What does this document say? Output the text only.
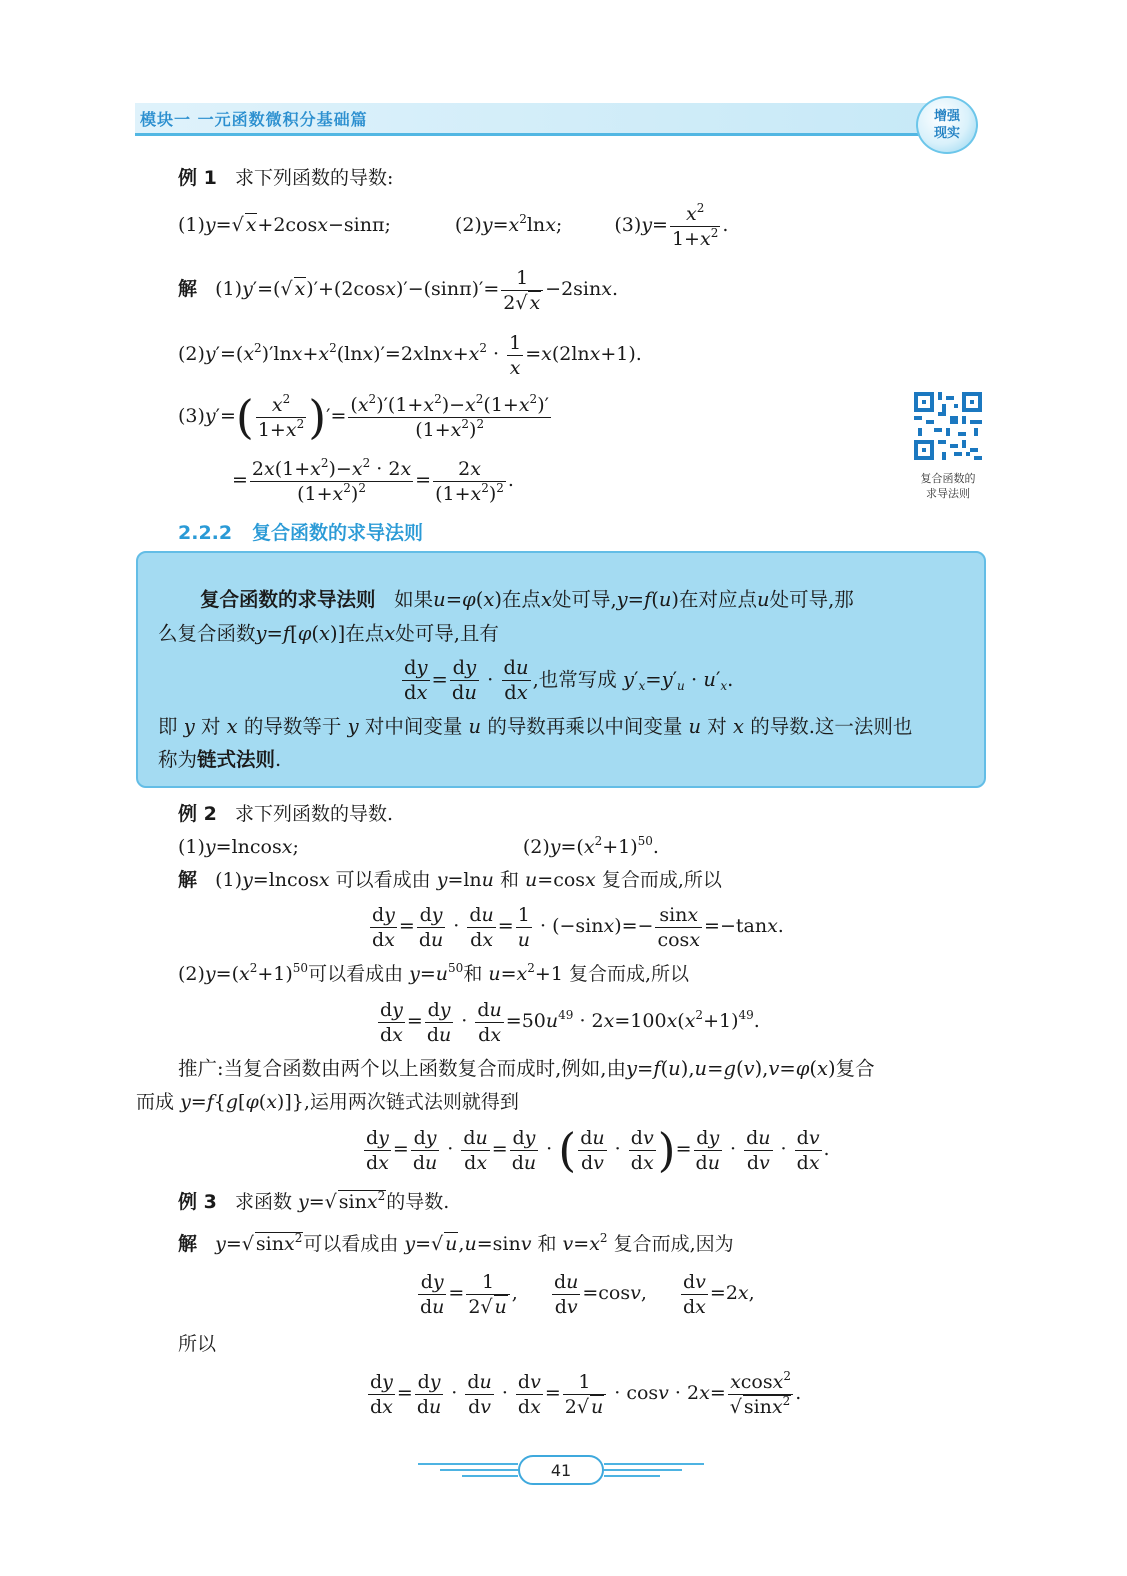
模块一 一元函数微积分基础篇	增强
现实
例 1 求下列函数的导数:
(1)y=√ x+2cosx−sinπ;	$(2)y=x^2\ln x$;  $(3)y= \frac{x^2}{1+x^2}$ .
解   (1)y′=(√ $x)'+(2\cos x)'-(\sin\pi)'= \frac{1}{2√ x} -2\sin x$.
$(2)y'=(x^2)'\ln x+x^2(\ln x)'=2xlnx+x^2 \cdot \frac{1}{x} =x(2\ln x+1)$.
$(3)y'=( \frac{x^2}{1+x^2}$ )′= $\frac{(x^2)'(1+x^2)-x^2(1+x^2)'}{(1+x^2)^2}$
= $\frac{2x(1+x^2)-x^2 \cdot 2x}{(1+x^2)^2} = \frac{2x}{(1+x^2)^2}$ .	复合函数的
求导法则
2.2.2 复合函数的求导法则
复合函数的求导法则 如果u=φ(x)在点x处可导,y=f(u)在对应点u处可导,那
么复合函数y=f[φ(x)]在点x处可导,且有
$\frac{dy}{dx} = \frac{dy}{du} \cdot \frac{du}{dx}$ ,也常写成 $y'_x=y'_u \cdot u'_x$.
即 y 对 x 的导数等于 y 对中间变量 u 的导数再乘以中间变量 u 对 x 的导数.这一法则也
称为链式法则.
例 2 求下列函数的导数.
(1)y=lncosx;	$(2)y=(x^2+1)^{50}$.
解   (1)y=lncosx 可以看成由 y=lnu 和 u=cosx 复合而成,所以
$\frac{dy}{dx} = \frac{dy}{du} \cdot \frac{du}{dx} = \frac{1}{u} \cdot (-\sin x)=- \frac{\sin x}{\cos x} =-\tan x$.
$(2)y=(x^2+1)^{50}$可以看成由 $y=u^{50}$和 $u=x^2+1$ 复合而成,所以
$\frac{dy}{dx} = \frac{dy}{du} \cdot \frac{du}{dx} =50u^{49} \cdot 2x=100x(x^2+1)^{49}$.
推广:当复合函数由两个以上函数复合而成时,例如,由y=f(u),u=g(v),v=φ(x)复合
而成 y=f{g[φ(x)]},运用两次链式法则就得到
$\frac{dy}{dx} = \frac{dy}{du} \cdot \frac{du}{dx} = \frac{dy}{du}$ · ( $\frac{du}{dv} \cdot \frac{dv}{dx}$ )= $\frac{dy}{du} \cdot \frac{du}{dv} \cdot \frac{dv}{dx}$ .
例 3 求函数 y=√ sinx$^2$的导数.
解 y=√ sinx$^2$可以看成由 y=√ u,u=sinv 和 $v=x^2$ 复合而成,因为
$\frac{dy}{du} = \frac{1}{2√ u}$ , $\frac{du}{dv} =\cos v$, $\frac{dv}{dx} =2x$,
所以
$\frac{dy}{dx} = \frac{dy}{du} \cdot \frac{du}{dv} \cdot \frac{dv}{dx} = \frac{1}{2√ u} \cdot \cos v \cdot 2x= \frac{xcosx^2}{√ \sin x^2}$ .
41
